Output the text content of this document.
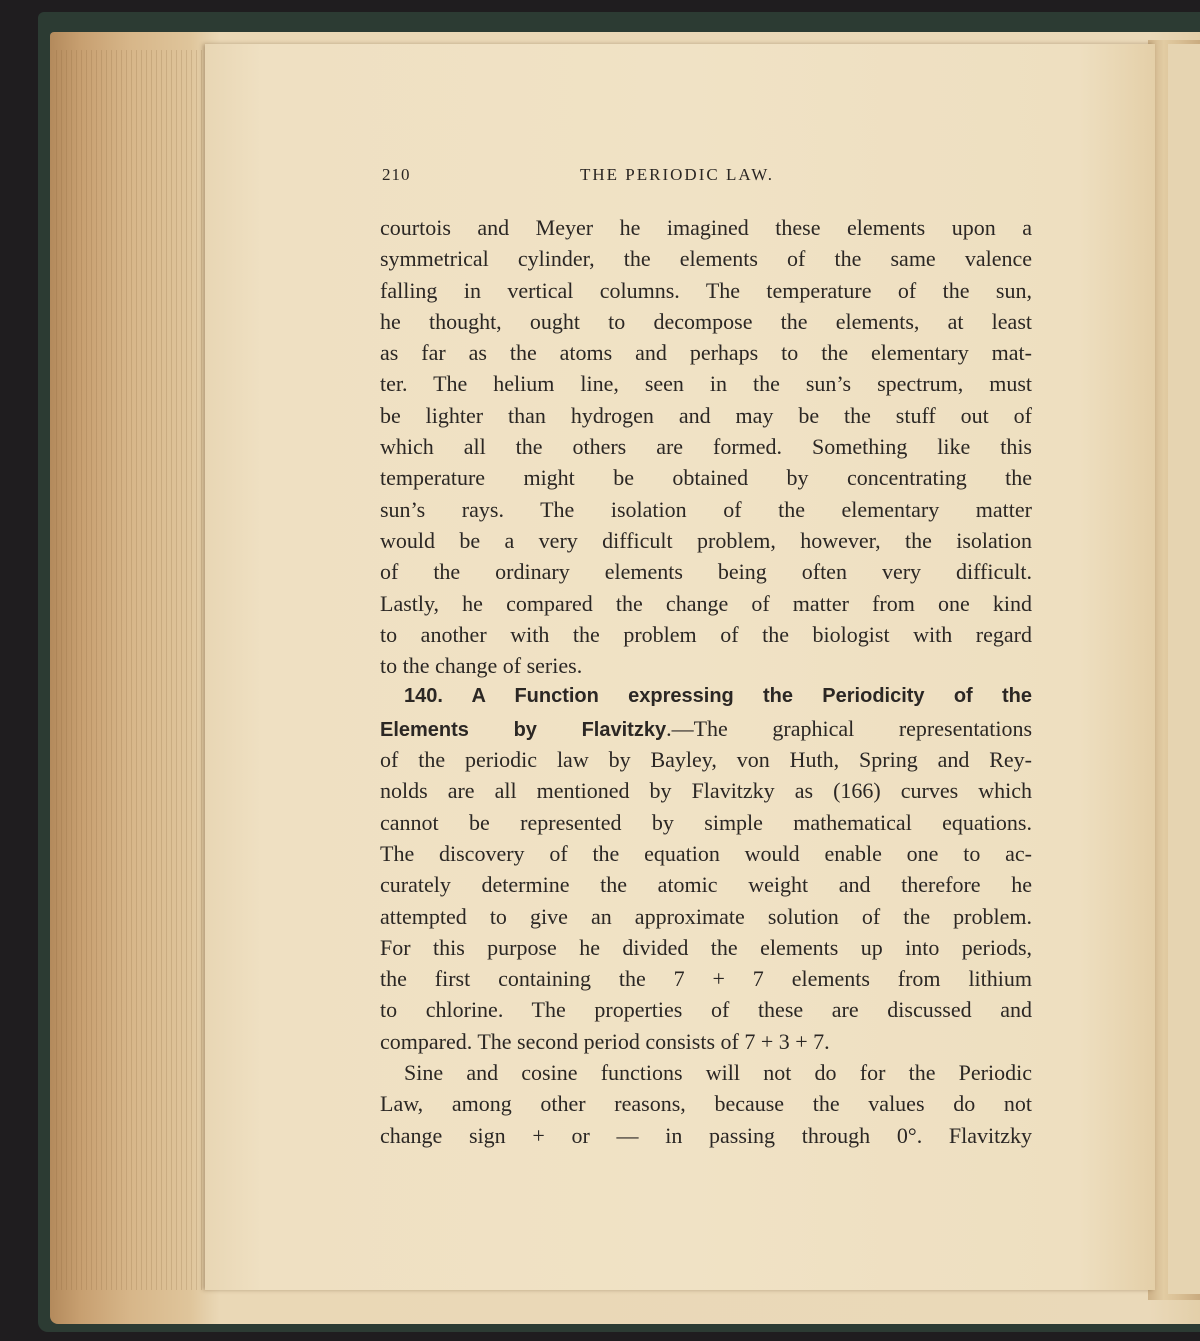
210	THE PERIODIC LAW.
courtois and Meyer he imagined these elements upon a
symmetrical cylinder, the elements of the same valence
falling in vertical columns. The temperature of the sun,
he thought, ought to decompose the elements, at least
as far as the atoms and perhaps to the elementary mat-
ter. The helium line, seen in the sun’s spectrum, must
be lighter than hydrogen and may be the stuff out of
which all the others are formed. Something like this
temperature might be obtained by concentrating the
sun’s rays. The isolation of the elementary matter
would be a very difficult problem, however, the isolation
of the ordinary elements being often very difficult.
Lastly, he compared the change of matter from one kind
to another with the problem of the biologist with regard
to the change of series.
140. A Function expressing the Periodicity of the
Elements by Flavitzky.—The graphical representations
of the periodic law by Bayley, von Huth, Spring and Rey-
nolds are all mentioned by Flavitzky as (166) curves which
cannot be represented by simple mathematical equations.
The discovery of the equation would enable one to ac-
curately determine the atomic weight and therefore he
attempted to give an approximate solution of the problem.
For this purpose he divided the elements up into periods,
the first containing the 7 + 7 elements from lithium
to chlorine. The properties of these are discussed and
compared. The second period consists of 7 + 3 + 7.
Sine and cosine functions will not do for the Periodic
Law, among other reasons, because the values do not
change sign + or — in passing through 0°. Flavitzky
